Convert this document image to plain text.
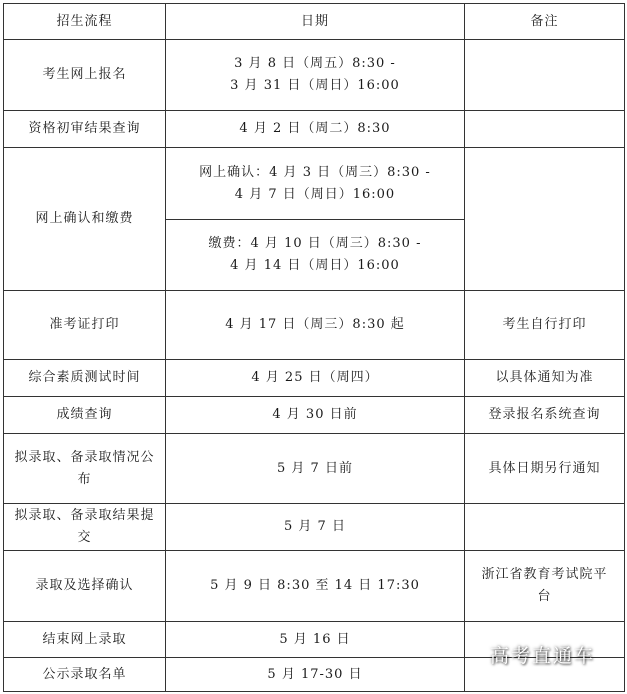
招生流程	日期	备注
考生网上报名	3 月 8 日（周五）8:30 -
3 月 31 日（周日）16:00	

资格初审结果查询	4 月 2 日（周二）8:30	
网上确认和缴费	网上确认：4 月 3 日（周三）8:30 -
4 月 7 日（周日）16:00	

	缴费：4 月 10 日（周三）8:30 -
4 月 14 日（周日）16:00	

准考证打印	4 月 17 日（周三）8:30 起	考生自行打印
综合素质测试时间	4 月 25 日（周四）	以具体通知为准
成绩查询	4 月 30 日前	登录报名系统查询

拟录取、备录取情况公
布	5 月 7 日前	具体日期另行通知

拟录取、备录取结果提
交	5 月 7 日	
录取及选择确认	5 月 9 日 8:30 至 14 日 17:30	浙江省教育考试院平
台

结束网上录取	5 月 16 日	
公示录取名单	5 月 17-30 日	
高考直通车
